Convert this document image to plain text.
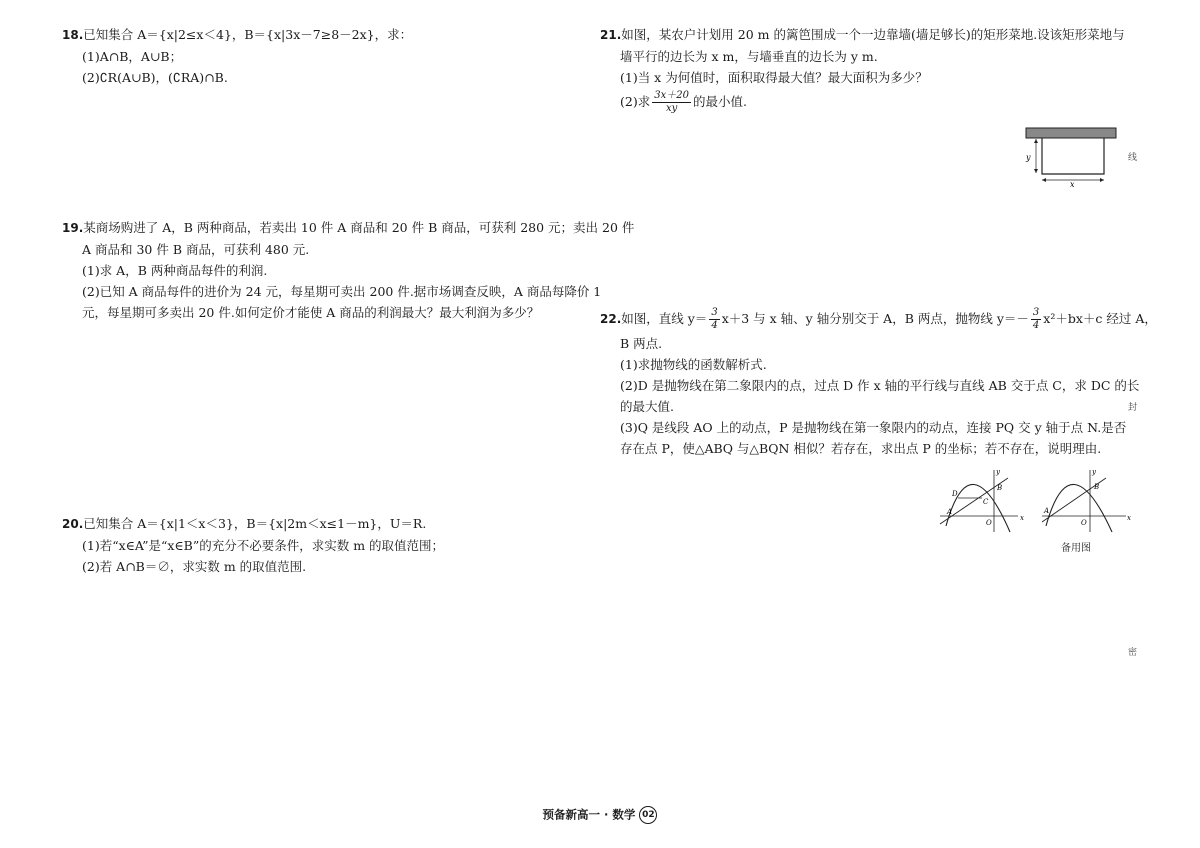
18.已知集合 A＝{x|2≤x＜4}，B＝{x|3x－7≥8－2x}，求：
(1)A∩B，A∪B；
(2)∁R(A∪B)，(∁RA)∩B.
19.某商场购进了 A，B 两种商品，若卖出 10 件 A 商品和 20 件 B 商品，可获利 280 元；卖出 20 件
A 商品和 30 件 B 商品，可获利 480 元.
(1)求 A，B 两种商品每件的利润.
(2)已知 A 商品每件的进价为 24 元，每星期可卖出 200 件.据市场调查反映，A 商品每降价 1
元，每星期可多卖出 20 件.如何定价才能使 A 商品的利润最大？最大利润为多少？
20.已知集合 A＝{x|1＜x＜3}，B＝{x|2m＜x≤1－m}，U＝R.
(1)若“x∈A”是“x∈B”的充分不必要条件，求实数 m 的取值范围；
(2)若 A∩B＝∅，求实数 m 的取值范围.
21.如图，某农户计划用 20 m 的篱笆围成一个一边靠墙(墙足够长)的矩形菜地.设该矩形菜地与
墙平行的边长为 x m，与墙垂直的边长为 y m.
(1)当 x 为何值时，面积取得最大值？最大面积为多少？
(2)求 $\frac{3x+20}{xy}$ 的最小值.
22.如图，直线 $y= \frac{3}{4} x+3$ 与 x 轴、y 轴分别交于 A，B 两点，抛物线 $y=- \frac{3}{4} x^2+bx+c$ 经过 A，
B 两点.
(1)求抛物线的函数解析式.
(2)D 是抛物线在第二象限内的点，过点 D 作 x 轴的平行线与直线 AB 交于点 C，求 DC 的长
的最大值.
(3)Q 是线段 AO 上的动点，P 是抛物线在第一象限内的动点，连接 PQ 交 y 轴于点 N.是否
存在点 P，使△ABQ 与△BQN 相似？若存在，求出点 P 的坐标；若不存在，说明理由.
y
x
x
y
O
A
B
C
D
x
y
O
A
B
备用图
线
封
密
预备新高一 · 数学 02
